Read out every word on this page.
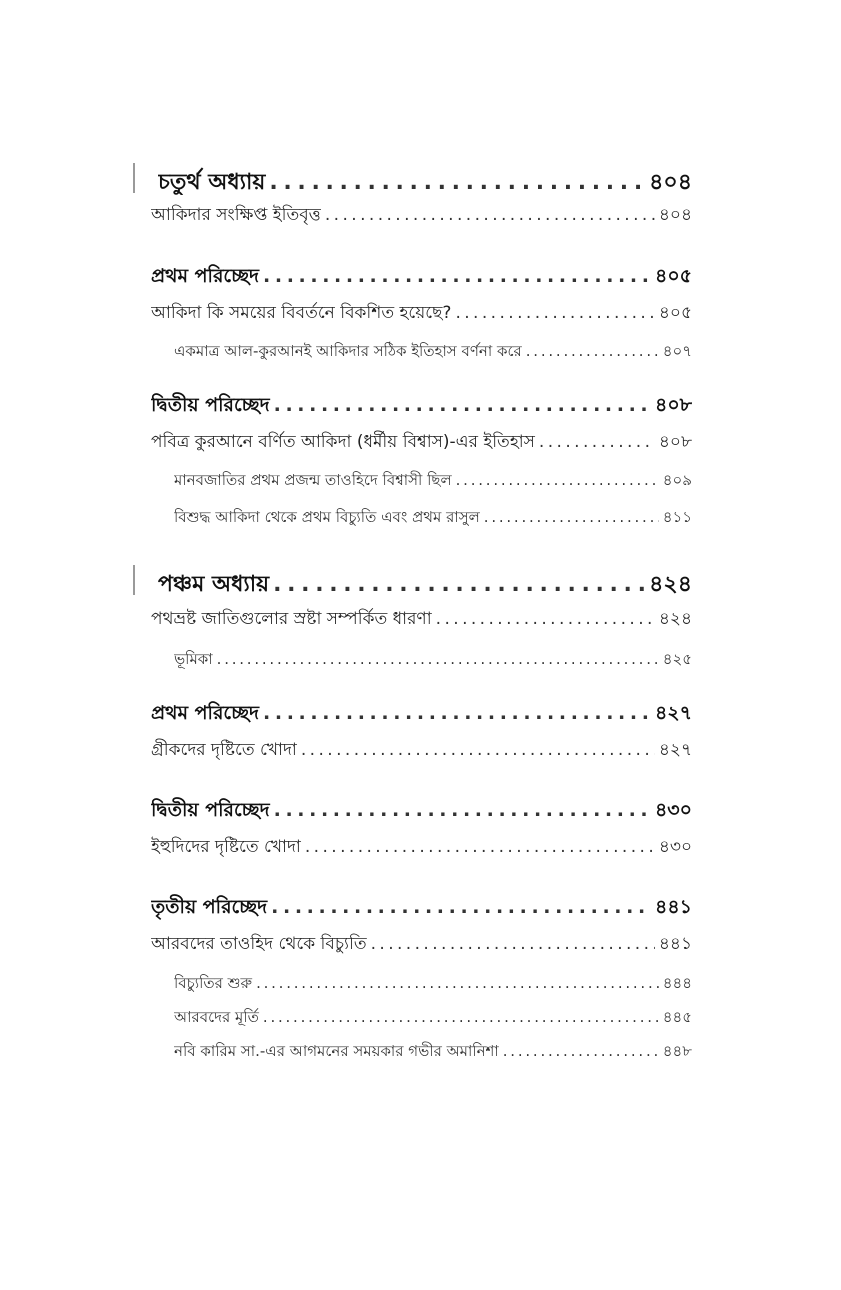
চতুর্থ অধ্যায় . . .	৪০৪
আকিদার সংক্ষিপ্ত ইতিবৃত্ত . . .	৪০৪
প্রথম পরিচ্ছেদ . . .	৪০৫
আকিদা কি সময়ের বিবর্তনে বিকশিত হয়েছে? . . .	৪০৫
একমাত্র আল-কুরআনই আকিদার সঠিক ইতিহাস বর্ণনা করে . . .	৪০৭
দ্বিতীয় পরিচ্ছেদ . . .	৪০৮
পবিত্র কুরআনে বর্ণিত আকিদা (ধর্মীয় বিশ্বাস)-এর ইতিহাস . . .	৪০৮
মানবজাতির প্রথম প্রজন্ম তাওহিদে বিশ্বাসী ছিল . . .	৪০৯
বিশুদ্ধ আকিদা থেকে প্রথম বিচ্যুতি এবং প্রথম রাসুল . . .	৪১১
পঞ্চম অধ্যায় . . .	৪২৪
পথভ্রষ্ট জাতিগুলোর স্রষ্টা সম্পর্কিত ধারণা . . .	৪২৪
ভূমিকা . . .	৪২৫
প্রথম পরিচ্ছেদ . . .	৪২৭
গ্রীকদের দৃষ্টিতে খোদা . . .	৪২৭
দ্বিতীয় পরিচ্ছেদ . . .	৪৩০
ইহুদিদের দৃষ্টিতে খোদা . . .	৪৩০
তৃতীয় পরিচ্ছেদ . . .	৪৪১
আরবদের তাওহিদ থেকে বিচ্যুতি . . .	৪৪১
বিচ্যুতির শুরু . . .	৪৪৪
আরবদের মূর্তি . . .	৪৪৫
নবি কারিম সা.-এর আগমনের সময়কার গভীর অমানিশা . . .	৪৪৮
